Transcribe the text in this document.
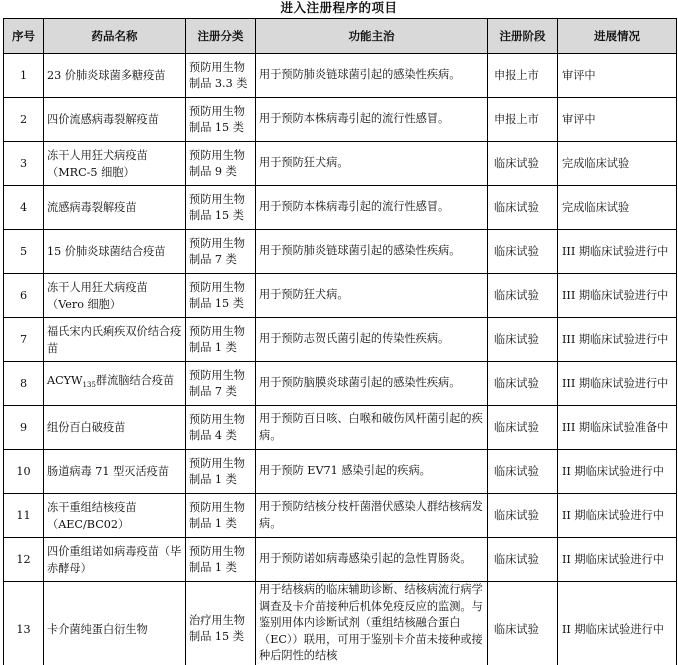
进入注册程序的项目
序号	药品名称	注册分类	功能主治	注册阶段	进展情况
1	23 价肺炎球菌多糖疫苗	预防用生物制品 3.3 类	用于预防肺炎链球菌引起的感染性疾病。	申报上市	审评中
2	四价流感病毒裂解疫苗	预防用生物制品 15 类	用于预防本株病毒引起的流行性感冒。	申报上市	审评中
3	冻干人用狂犬病疫苗（MRC-5 细胞）	预防用生物制品 9 类	用于预防狂犬病。	临床试验	完成临床试验
4	流感病毒裂解疫苗	预防用生物制品 15 类	用于预防本株病毒引起的流行性感冒。	临床试验	完成临床试验
5	15 价肺炎球菌结合疫苗	预防用生物制品 7 类	用于预防肺炎链球菌引起的感染性疾病。	临床试验	III 期临床试验进行中
6	冻干人用狂犬病疫苗（Vero 细胞）	预防用生物制品 15 类	用于预防狂犬病。	临床试验	III 期临床试验进行中
7	福氏宋内氏痢疾双价结合疫苗	预防用生物制品 1 类	用于预防志贺氏菌引起的传染性疾病。	临床试验	III 期临床试验进行中
8	$ACYW_{135}$群流脑结合疫苗	预防用生物制品 7 类	用于预防脑膜炎球菌引起的感染性疾病。	临床试验	III 期临床试验进行中
9	组份百白破疫苗	预防用生物制品 4 类	用于预防百日咳、白喉和破伤风杆菌引起的疾病。	临床试验	III 期临床试验准备中
10	肠道病毒 71 型灭活疫苗	预防用生物制品 1 类	用于预防 EV71 感染引起的疾病。	临床试验	II 期临床试验进行中
11	冻干重组结核疫苗（AEC/BC02）	预防用生物制品 1 类	用于预防结核分枝杆菌潜伏感染人群结核病发病。	临床试验	II 期临床试验进行中
12	四价重组诺如病毒疫苗（毕赤酵母）	预防用生物制品 1 类	用于预防诺如病毒感染引起的急性胃肠炎。	临床试验	II 期临床试验进行中
13	卡介菌纯蛋白衍生物	治疗用生物制品 15 类	用于结核病的临床辅助诊断、结核病流行病学调查及卡介苗接种后机体免疫反应的监测。与鉴别用体内诊断试剂（重组结核融合蛋白（EC））联用，可用于鉴别卡介苗未接种或接种后阴性的结核	临床试验	II 期临床试验进行中
